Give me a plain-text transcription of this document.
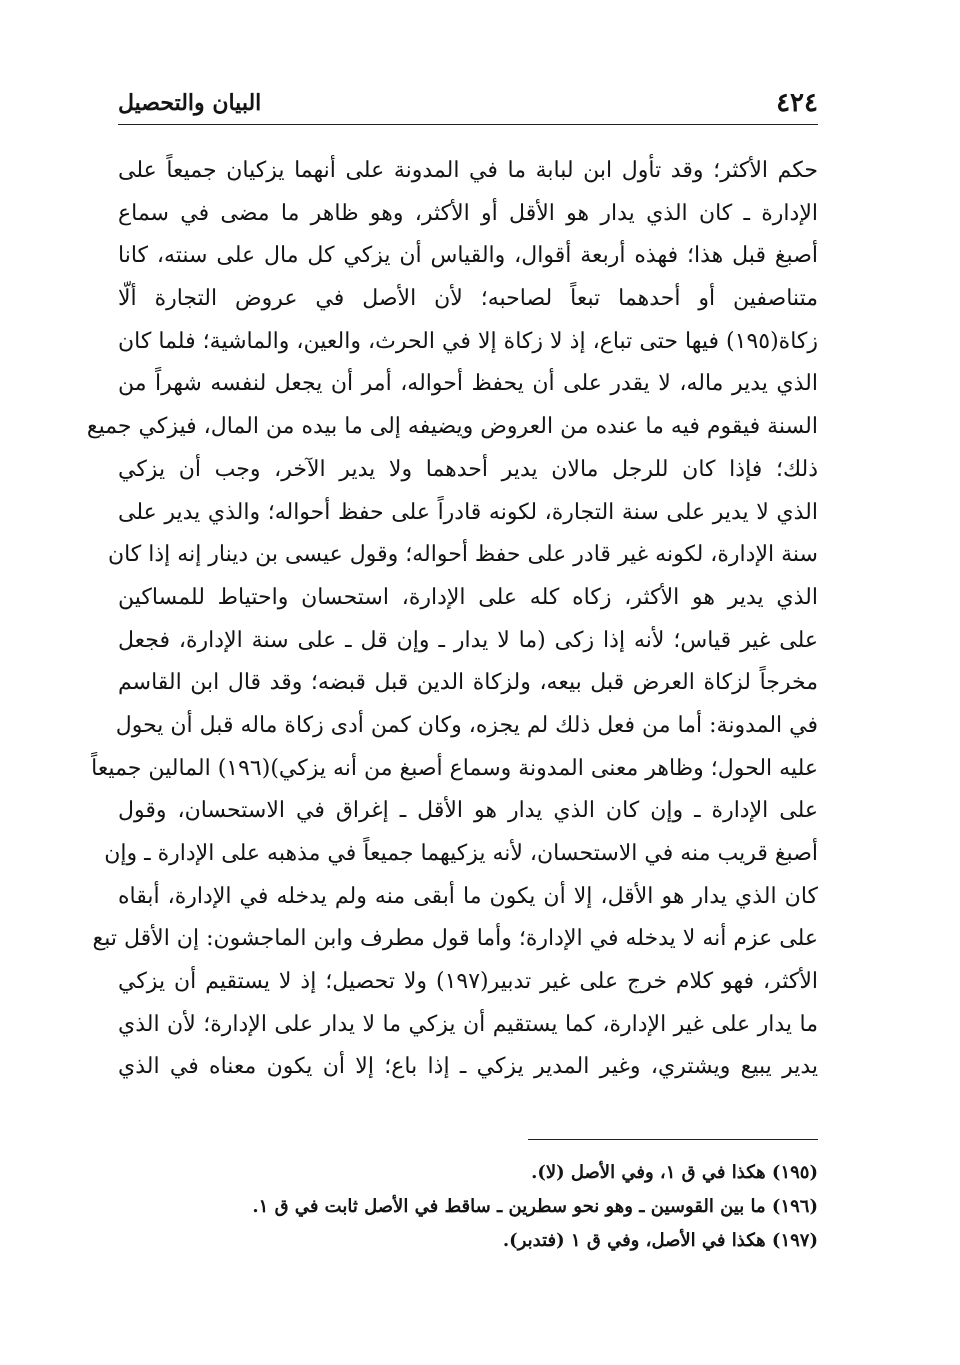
٤٢٤
البيان والتحصيل
حكم الأكثر؛ وقد تأول ابن لبابة ما في المدونة على أنهما يزكيان جميعاً على
الإدارة ـ كان الذي يدار هو الأقل أو الأكثر، وهو ظاهر ما مضى في سماع
أصبغ قبل هذا؛ فهذه أربعة أقوال، والقياس أن يزكي كل مال على سنته، كانا
متناصفين أو أحدهما تبعاً لصاحبه؛ لأن الأصل في عروض التجارة ألّا
زكاة(١٩٥) فيها حتى تباع، إذ لا زكاة إلا في الحرث، والعين، والماشية؛ فلما كان
الذي يدير ماله، لا يقدر على أن يحفظ أحواله، أمر أن يجعل لنفسه شهراً من
السنة فيقوم فيه ما عنده من العروض ويضيفه إلى ما بيده من المال، فيزكي جميع
ذلك؛ فإذا كان للرجل مالان يدير أحدهما ولا يدير الآخر، وجب أن يزكي
الذي لا يدير على سنة التجارة، لكونه قادراً على حفظ أحواله؛ والذي يدير على
سنة الإدارة، لكونه غير قادر على حفظ أحواله؛ وقول عيسى بن دينار إنه إذا كان
الذي يدير هو الأكثر، زكاه كله على الإدارة، استحسان واحتياط للمساكين
على غير قياس؛ لأنه إذا زكى (ما لا يدار ـ وإن قل ـ على سنة الإدارة، فجعل
مخرجاً لزكاة العرض قبل بيعه، ولزكاة الدين قبل قبضه؛ وقد قال ابن القاسم
في المدونة: أما من فعل ذلك لم يجزه، وكان كمن أدى زكاة ماله قبل أن يحول
عليه الحول؛ وظاهر معنى المدونة وسماع أصبغ من أنه يزكي)(١٩٦) المالين جميعاً
على الإدارة ـ وإن كان الذي يدار هو الأقل ـ إغراق في الاستحسان، وقول
أصبغ قريب منه في الاستحسان، لأنه يزكيهما جميعاً في مذهبه على الإدارة ـ وإن
كان الذي يدار هو الأقل، إلا أن يكون ما أبقى منه ولم يدخله في الإدارة، أبقاه
على عزم أنه لا يدخله في الإدارة؛ وأما قول مطرف وابن الماجشون: إن الأقل تبع
الأكثر، فهو كلام خرج على غير تدبير(١٩٧) ولا تحصيل؛ إذ لا يستقيم أن يزكي
ما يدار على غير الإدارة، كما يستقيم أن يزكي ما لا يدار على الإدارة؛ لأن الذي
يدير يبيع ويشتري، وغير المدير يزكي ـ إذا باع؛ إلا أن يكون معناه في الذي
(١٩٥) هكذا في ق ١، وفي الأصل (لا).
(١٩٦) ما بين القوسين ـ وهو نحو سطرين ـ ساقط في الأصل ثابت في ق ١.
(١٩٧) هكذا في الأصل، وفي ق ١ (فتدبر).
